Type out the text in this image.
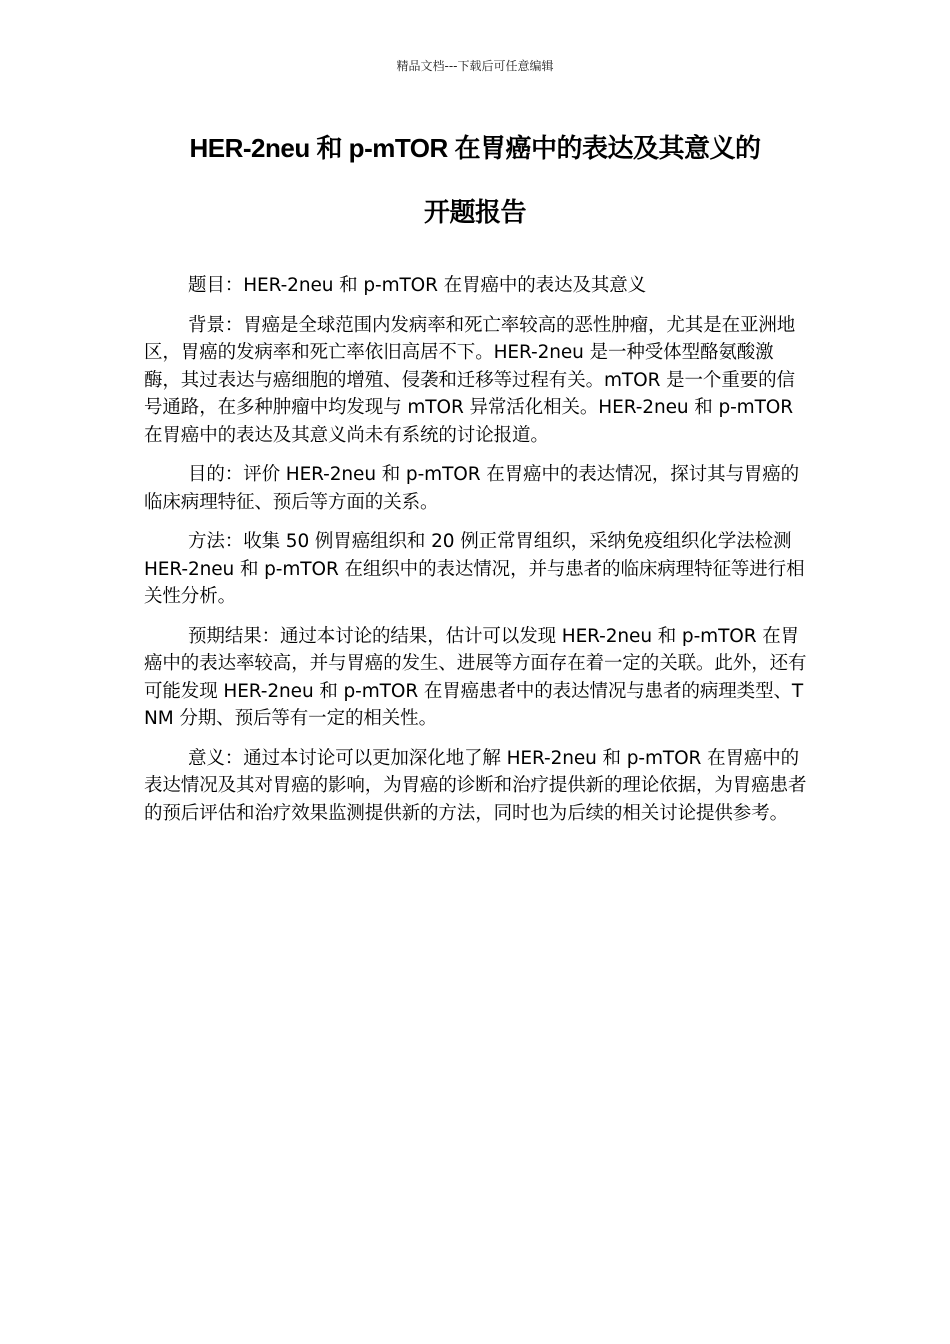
精品文档---下载后可任意编辑
HER-2neu 和 p-mTOR 在胃癌中的表达及其意义的
开题报告

题目：HER-2neu 和 p-mTOR 在胃癌中的表达及其意义

背景：胃癌是全球范围内发病率和死亡率较高的恶性肿瘤，尤其是在亚洲地区，胃癌的发病率和死亡率依旧高居不下。HER-2neu 是一种受体型酪氨酸激酶，其过表达与癌细胞的增殖、侵袭和迁移等过程有关。mTOR 是一个重要的信号通路，在多种肿瘤中均发现与 mTOR 异常活化相关。HER-2neu 和 p-mTOR 在胃癌中的表达及其意义尚未有系统的讨论报道。

目的：评价 HER-2neu 和 p-mTOR 在胃癌中的表达情况，探讨其与胃癌的临床病理特征、预后等方面的关系。

方法：收集 50 例胃癌组织和 20 例正常胃组织，采纳免疫组织化学法检测 HER-2neu 和 p-mTOR 在组织中的表达情况，并与患者的临床病理特征等进行相关性分析。

预期结果：通过本讨论的结果，估计可以发现 HER-2neu 和 p-mTOR 在胃癌中的表达率较高，并与胃癌的发生、进展等方面存在着一定的关联。此外，还有可能发现 HER-2neu 和 p-mTOR 在胃癌患者中的表达情况与患者的病理类型、TNM 分期、预后等有一定的相关性。

意义：通过本讨论可以更加深化地了解 HER-2neu 和 p-mTOR 在胃癌中的表达情况及其对胃癌的影响，为胃癌的诊断和治疗提供新的理论依据，为胃癌患者的预后评估和治疗效果监测提供新的方法，同时也为后续的相关讨论提供参考。
